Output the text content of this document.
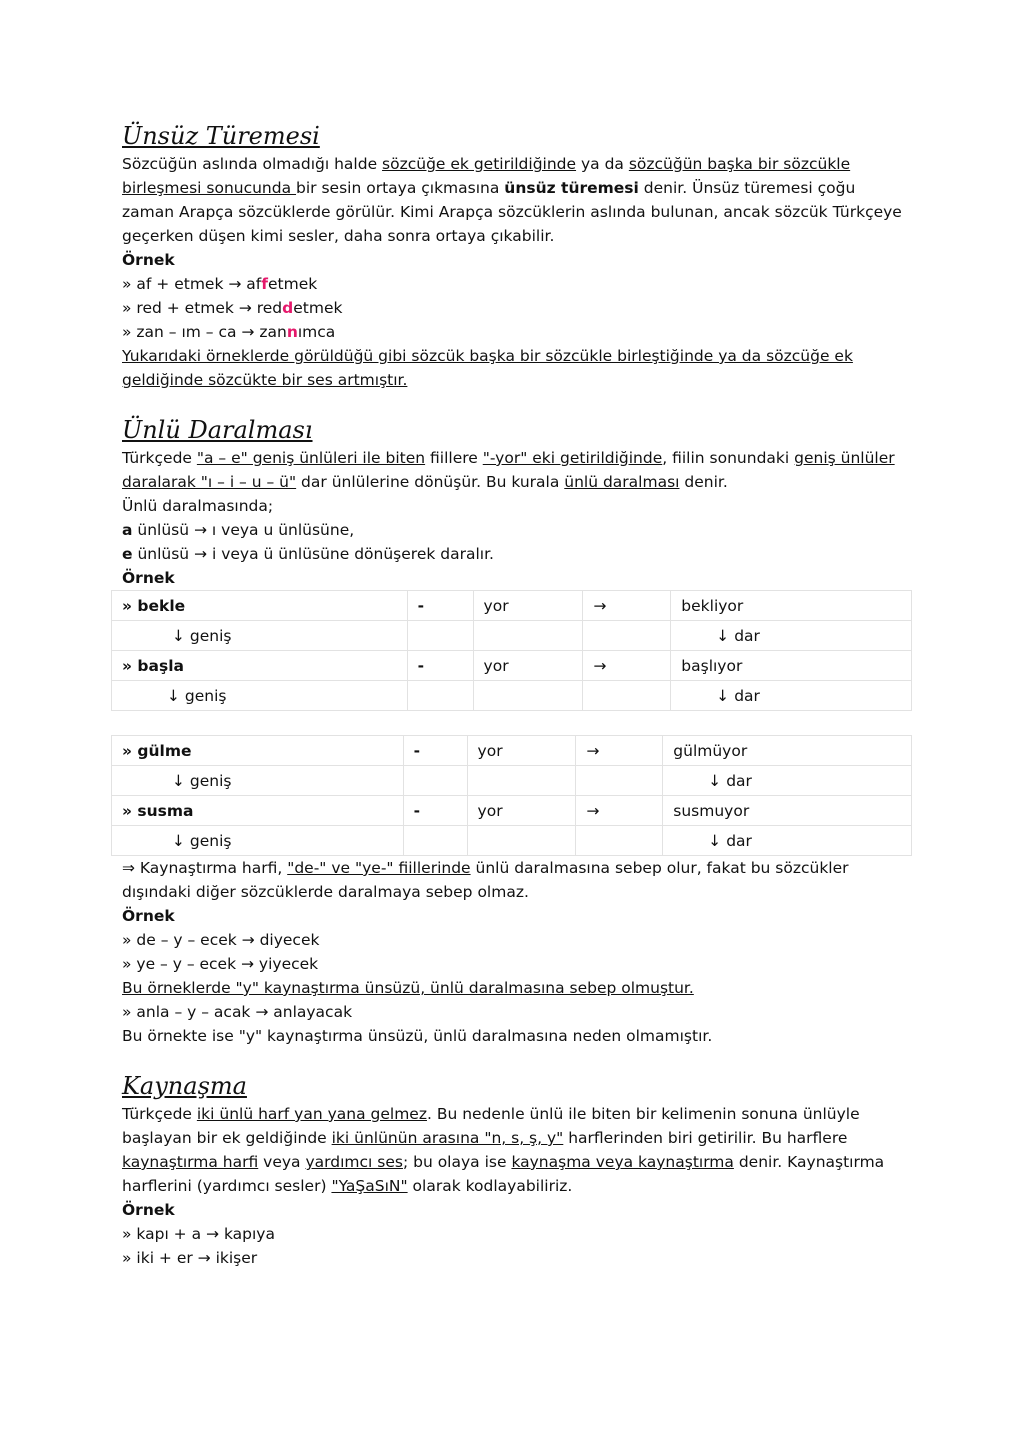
Ünsüz Türemesi

Sözcüğün aslında olmadığı halde sözcüğe ek getirildiğinde ya da sözcüğün başka bir sözcükle birleşmesi sonucunda bir sesin ortaya çıkmasına ünsüz türemesi denir. Ünsüz türemesi çoğu zaman Arapça sözcüklerde görülür. Kimi Arapça sözcüklerin aslında bulunan, ancak sözcük Türkçeye geçerken düşen kimi sesler, daha sonra ortaya çıkabilir.

Örnek

» af + etmek → affetmek

» red + etmek → reddetmek

» zan – ım – ca → zannımca

Yukarıdaki örneklerde görüldüğü gibi sözcük başka bir sözcükle birleştiğinde ya da sözcüğe ek geldiğinde sözcükte bir ses artmıştır.

Ünlü Daralması

Türkçede "a – e" geniş ünlüleri ile biten fiillere "-yor" eki getirildiğinde, fiilin sonundaki geniş ünlüler daralarak "ı – i – u – ü" dar ünlülerine dönüşür. Bu kurala ünlü daralması denir.

Ünlü daralmasında;

a ünlüsü → ı veya u ünlüsüne,

e ünlüsü → i veya ü ünlüsüne dönüşerek daralır.

Örnek

» bekle	-	yor	→	bekliyor
↓ geniş				↓ dar
» başla	-	yor	→	başlıyor
↓ geniş				↓ dar
» gülme	-	yor	→	gülmüyor
↓ geniş				↓ dar
» susma	-	yor	→	susmuyor
↓ geniş				↓ dar

⇒ Kaynaştırma harfi, "de-" ve "ye-" fiillerinde ünlü daralmasına sebep olur, fakat bu sözcükler dışındaki diğer sözcüklerde daralmaya sebep olmaz.

Örnek

» de – y – ecek → diyecek

» ye – y – ecek → yiyecek

Bu örneklerde "y" kaynaştırma ünsüzü, ünlü daralmasına sebep olmuştur.

» anla – y – acak → anlayacak

Bu örnekte ise "y" kaynaştırma ünsüzü, ünlü daralmasına neden olmamıştır.

Kaynaşma

Türkçede iki ünlü harf yan yana gelmez. Bu nedenle ünlü ile biten bir kelimenin sonuna ünlüyle başlayan bir ek geldiğinde iki ünlünün arasına "n, s, ş, y" harflerinden biri getirilir. Bu harflere kaynaştırma harfi veya yardımcı ses; bu olaya ise kaynaşma veya kaynaştırma denir. Kaynaştırma harflerini (yardımcı sesler) "YaŞaSıN" olarak kodlayabiliriz.

Örnek

» kapı + a → kapıya

» iki + er → ikişer
